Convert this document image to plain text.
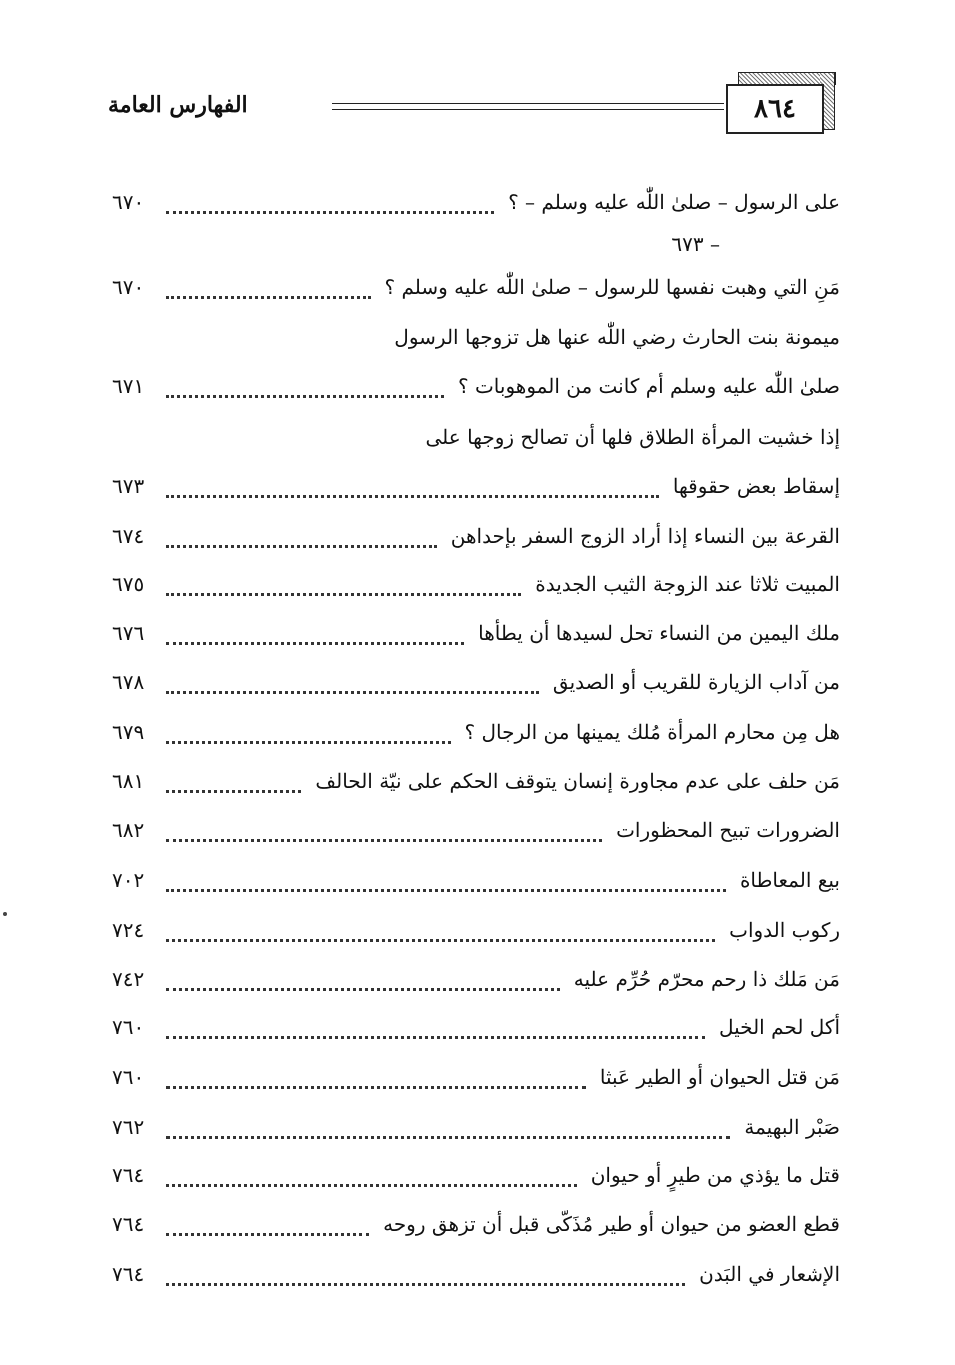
٨٦٤
الفهارس العامة
على الرسول – صلىٰ اللّٰه عليه وسلم – ؟
٦٧٠
– ٦٧٣
مَنِ التي وهبت نفسها للرسول – صلىٰ اللّٰه عليه وسلم ؟
٦٧٠
ميمونة بنت الحارث رضي اللّٰه عنها هل تزوجها الرسول
صلىٰ اللّٰه عليه وسلم أم كانت من الموهوبات ؟
٦٧١
إذا خشيت المرأة الطلاق فلها أن تصالح زوجها على
إسقاط بعض حقوقها
٦٧٣
القرعة بين النساء إذا أراد الزوج السفر بإحداهن
٦٧٤
المبيت ثلاثا عند الزوجة الثيب الجديدة
٦٧٥
ملك اليمين من النساء تحل لسيدها أن يطأها
٦٧٦
من آداب الزيارة للقريب أو الصديق
٦٧٨
هل مِن محارم المرأة مُلك يمينها من الرجال ؟
٦٧٩
مَن حلف على عدم مجاورة إنسان يتوقف الحكم على نيّة الحالف
٦٨١
الضرورات تبيح المحظورات
٦٨٢
بيع المعاطاة
٧٠٢
ركوب الدواب
٧٢٤
مَن مَلك ذا رحم محرّم حُرِّم عليه
٧٤٢
أكل لحم الخيل
٧٦٠
مَن قتل الحيوان أو الطير عَبثا
٧٦٠
صَبْر البهيمة
٧٦٢
قتل ما يؤذي من طيرٍ أو حيوان
٧٦٤
قطع العضو من حيوان أو طير مُذَكّى قبل أن تزهق روحه
٧٦٤
الإشعار في البَدن
٧٦٤
